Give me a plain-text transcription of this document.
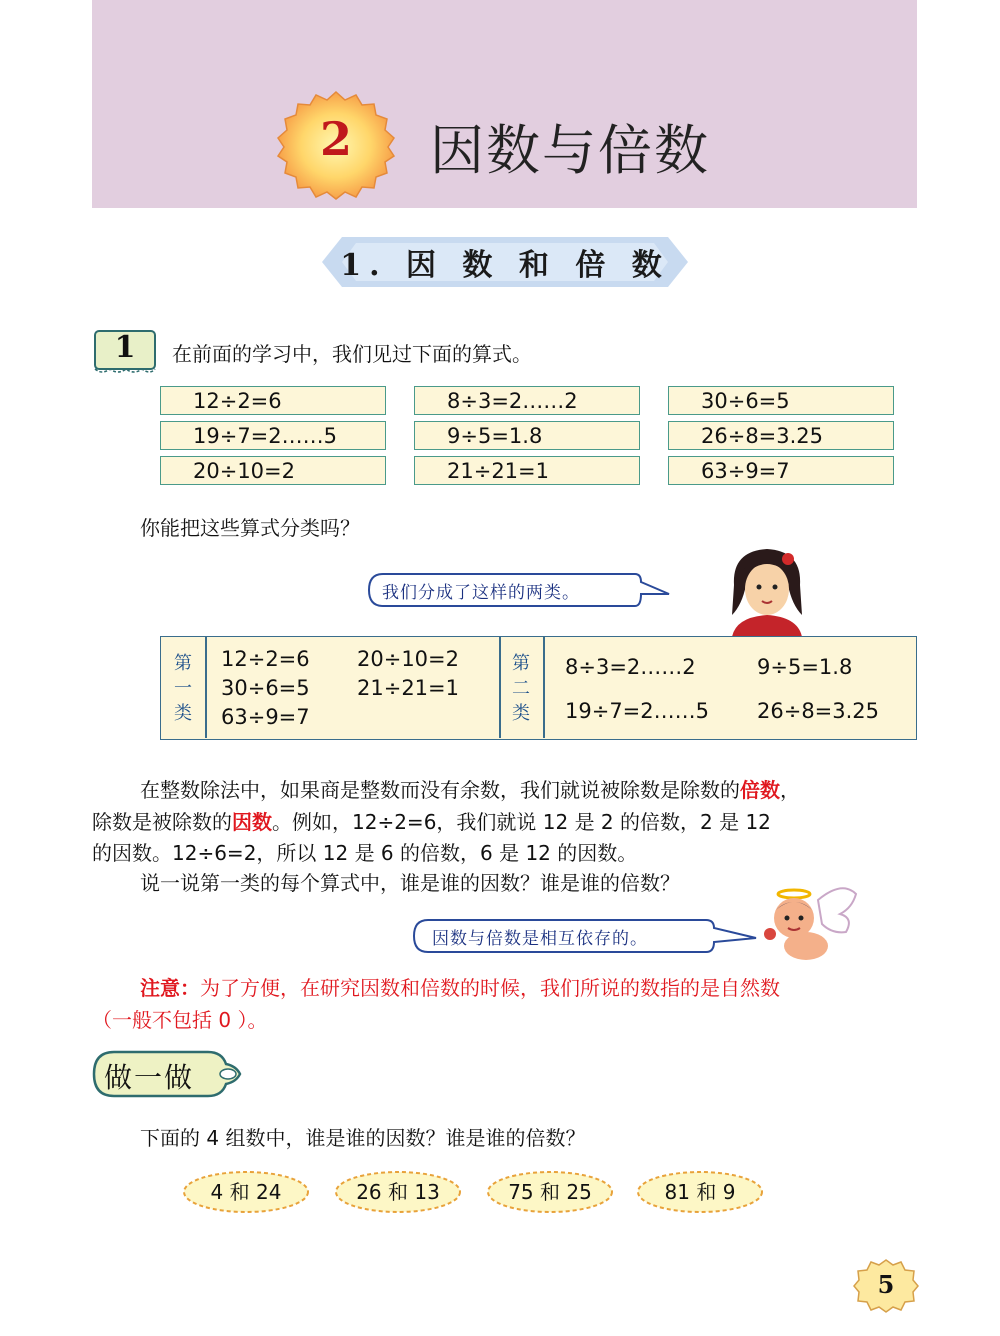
2	因数与倍数
1. 因 数 和 倍 数
1	在前面的学习中，我们见过下面的算式。
12÷2=6	8÷3=2……2	30÷6=5
19÷7=2……5	9÷5=1.8	26÷8=3.25
20÷10=2	21÷21=1	63÷9=7
你能把这些算式分类吗？
我们分成了这样的两类。
第
一
类
12÷2=6 20÷10=2
30÷6=5 21÷21=1
63÷9=7
第
二
类
8÷3=2……2	9÷5=1.8
19÷7=2……5 26÷8=3.25
在整数除法中，如果商是整数而没有余数，我们就说被除数是除数的倍数，
除数是被除数的因数。例如，12÷2=6，我们就说 12 是 2 的倍数，2 是 12
的因数。12÷6=2，所以 12 是 6 的倍数，6 是 12 的因数。
说一说第一类的每个算式中，谁是谁的因数？谁是谁的倍数？
因数与倍数是相互依存的。
注意：为了方便，在研究因数和倍数的时候，我们所说的数指的是自然数
（一般不包括 0 ）。
做一做
下面的 4 组数中，谁是谁的因数？谁是谁的倍数？
4 和 24	26 和 13	75 和 25	81 和 9
5
